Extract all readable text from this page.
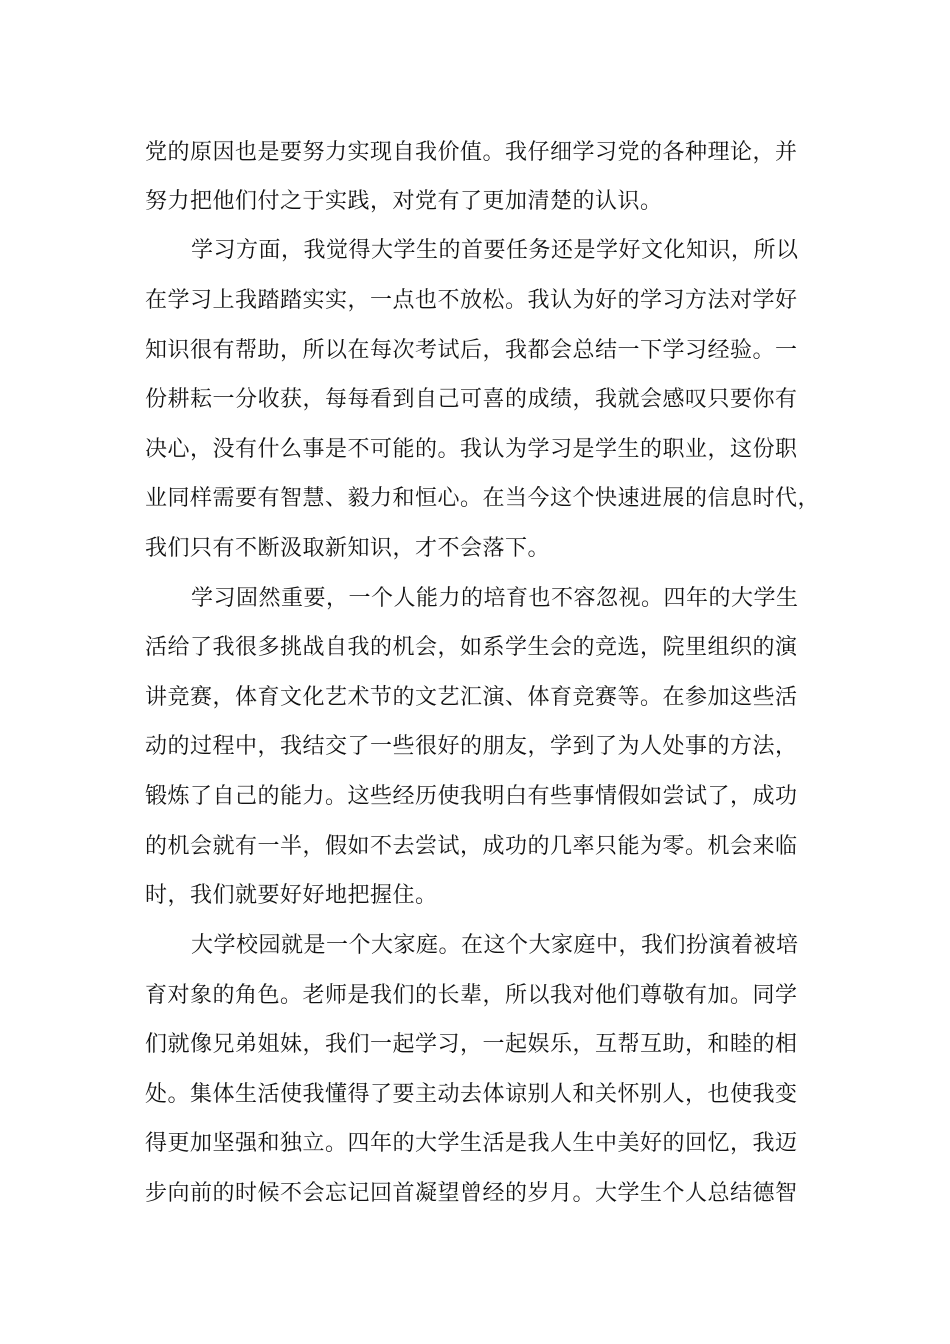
党的原因也是要努力实现自我价值。我仔细学习党的各种理论，并
努力把他们付之于实践，对党有了更加清楚的认识。
学习方面，我觉得大学生的首要任务还是学好文化知识，所以
在学习上我踏踏实实，一点也不放松。我认为好的学习方法对学好
知识很有帮助，所以在每次考试后，我都会总结一下学习经验。一
份耕耘一分收获，每每看到自己可喜的成绩，我就会感叹只要你有
决心，没有什么事是不可能的。我认为学习是学生的职业，这份职
业同样需要有智慧、毅力和恒心。在当今这个快速进展的信息时代，
我们只有不断汲取新知识，才不会落下。
学习固然重要，一个人能力的培育也不容忽视。四年的大学生
活给了我很多挑战自我的机会，如系学生会的竞选，院里组织的演
讲竞赛，体育文化艺术节的文艺汇演、体育竞赛等。在参加这些活
动的过程中，我结交了一些很好的朋友，学到了为人处事的方法，
锻炼了自己的能力。这些经历使我明白有些事情假如尝试了，成功
的机会就有一半，假如不去尝试，成功的几率只能为零。机会来临
时，我们就要好好地把握住。
大学校园就是一个大家庭。在这个大家庭中，我们扮演着被培
育对象的角色。老师是我们的长辈，所以我对他们尊敬有加。同学
们就像兄弟姐妹，我们一起学习，一起娱乐，互帮互助，和睦的相
处。集体生活使我懂得了要主动去体谅别人和关怀别人，也使我变
得更加坚强和独立。四年的大学生活是我人生中美好的回忆，我迈
步向前的时候不会忘记回首凝望曾经的岁月。大学生个人总结德智
